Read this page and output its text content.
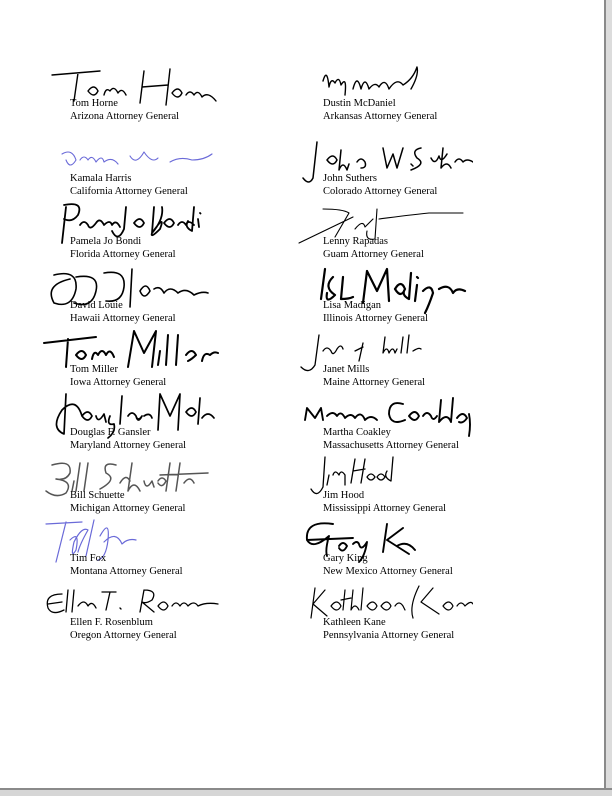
Tom Horne
Arizona Attorney General
Dustin McDaniel
Arkansas Attorney General
Kamala Harris
California Attorney General
John Suthers
Colorado Attorney General
Pamela Jo Bondi
Florida Attorney General
Lenny Rapadas
Guam Attorney General
David Louie
Hawaii Attorney General
Lisa Madigan
Illinois Attorney General
Tom Miller
Iowa Attorney General
Janet Mills
Maine Attorney General
Douglas F. Gansler
Maryland Attorney General
Martha Coakley
Massachusetts Attorney General
Bill Schuette
Michigan Attorney General
Jim Hood
Mississippi Attorney General
Tim Fox
Montana Attorney General
Gary King
New Mexico Attorney General
Ellen F. Rosenblum
Oregon Attorney General
Kathleen Kane
Pennsylvania Attorney General
